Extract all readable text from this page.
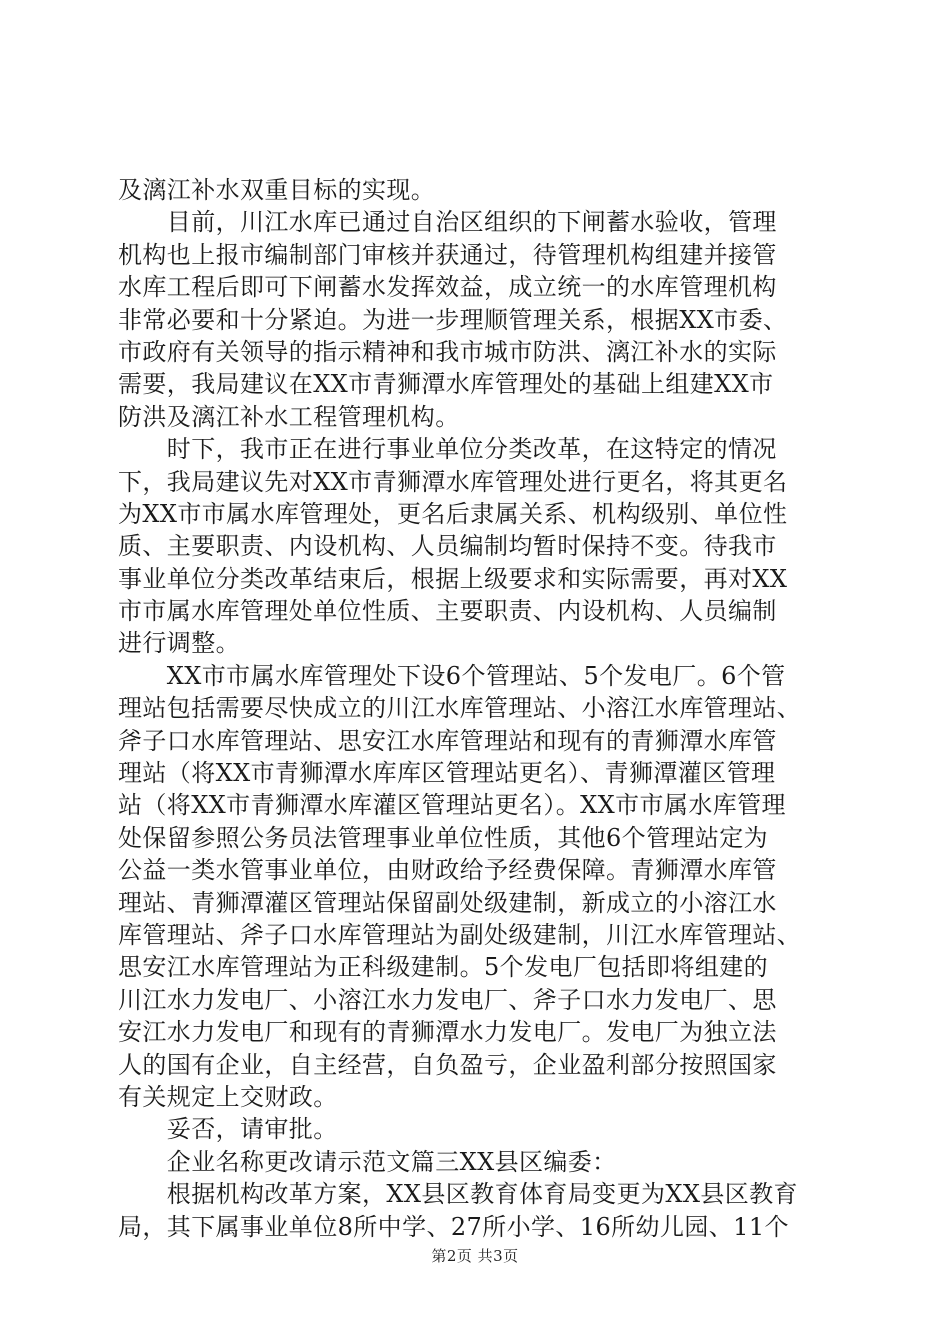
及漓江补水双重目标的实现。

　　目前，川江水库已通过自治区组织的下闸蓄水验收，管理

机构也上报市编制部门审核并获通过，待管理机构组建并接管

水库工程后即可下闸蓄水发挥效益，成立统一的水库管理机构

非常必要和十分紧迫。为进一步理顺管理关系，根据XX市委、

市政府有关领导的指示精神和我市城市防洪、漓江补水的实际

需要，我局建议在XX市青狮潭水库管理处的基础上组建XX市

防洪及漓江补水工程管理机构。

　　时下，我市正在进行事业单位分类改革，在这特定的情况

下，我局建议先对XX市青狮潭水库管理处进行更名，将其更名

为XX市市属水库管理处，更名后隶属关系、机构级别、单位性

质、主要职责、内设机构、人员编制均暂时保持不变。待我市

事业单位分类改革结束后，根据上级要求和实际需要，再对XX

市市属水库管理处单位性质、主要职责、内设机构、人员编制

进行调整。

　　XX市市属水库管理处下设6个管理站、5个发电厂。6个管

理站包括需要尽快成立的川江水库管理站、小溶江水库管理站、

斧子口水库管理站、思安江水库管理站和现有的青狮潭水库管

理站（将XX市青狮潭水库库区管理站更名）、青狮潭灌区管理

站（将XX市青狮潭水库灌区管理站更名）。XX市市属水库管理

处保留参照公务员法管理事业单位性质，其他6个管理站定为

公益一类水管事业单位，由财政给予经费保障。青狮潭水库管

理站、青狮潭灌区管理站保留副处级建制，新成立的小溶江水

库管理站、斧子口水库管理站为副处级建制，川江水库管理站、

思安江水库管理站为正科级建制。5个发电厂包括即将组建的

川江水力发电厂、小溶江水力发电厂、斧子口水力发电厂、思

安江水力发电厂和现有的青狮潭水力发电厂。发电厂为独立法

人的国有企业，自主经营，自负盈亏，企业盈利部分按照国家

有关规定上交财政。

　　妥否，请审批。

　　企业名称更改请示范文篇三XX县区编委：

　　根据机构改革方案，XX县区教育体育局变更为XX县区教育

局，其下属事业单位8所中学、27所小学、16所幼儿园、11个

第2页 共3页
